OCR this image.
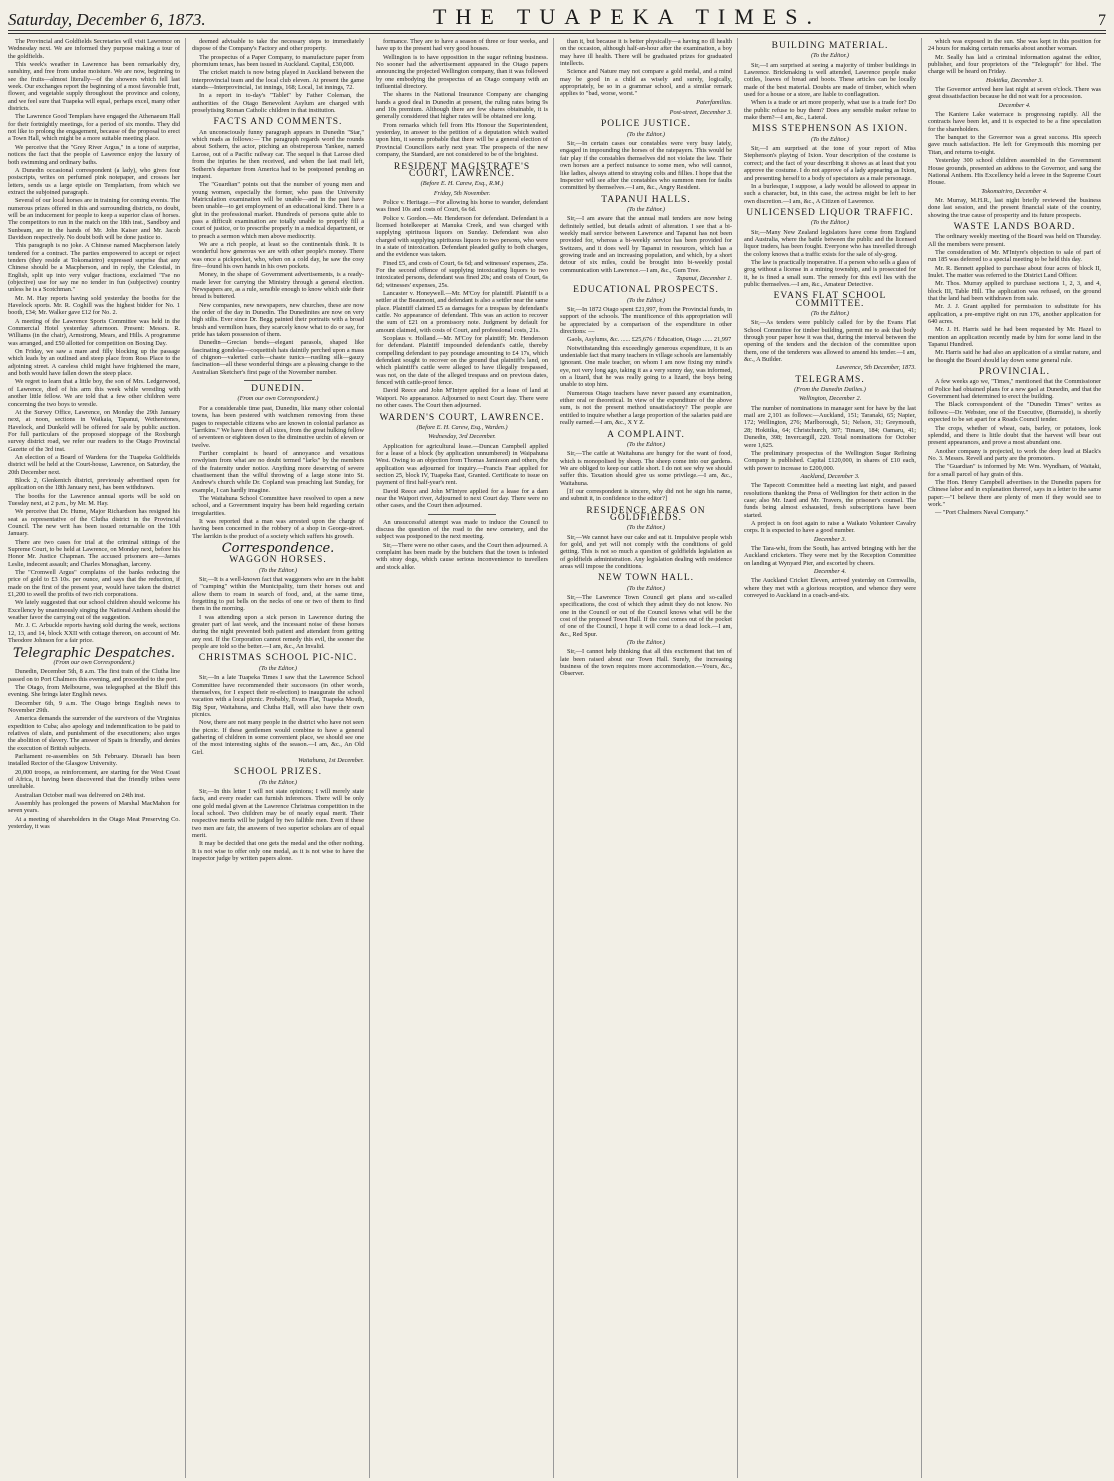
Saturday, December 6, 1873.	THE TUAPEKA TIMES.	7

The Provincial and Goldfields Secretaries will visit Lawrence on Wednesday next. We are informed they purpose making a tour of the goldfields.

This week's weather in Lawrence has been remarkably dry, sunshiny, and free from undue moisture. We are now, beginning to see the fruits—almost literally—of the showers which fell last week. Our exchanges report the beginning of a most favorable fruit, flower, and vegetable supply throughout the province and colony, and we feel sure that Tuapeka will equal, perhaps excel, many other districts.

The Lawrence Good Templars have engaged the Athenaeum Hall for their fortnightly meetings, for a period of six months. They did not like to prolong the engagement, because of the proposal to erect a Town Hall, which might be a more suitable meeting place.

We perceive that the "Grey River Argus," in a tone of surprise, notices the fact that the people of Lawrence enjoy the luxury of both swimming and ordinary baths.

A Dunedin occasional correspondent (a lady), who gives four postscripts, writes on perfumed pink notepaper, and crosses her letters, sends us a large epistle on Templarism, from which we extract the subjoined paragraph.

Several of our local horses are in training for coming events. The numerous prizes offered in this and surrounding districts, no doubt, will be an inducement for people to keep a superior class of horses. The competitors to run in the match on the 18th inst., Sandboy and Sunbeam, are in the hands of Mr. John Kaiser and Mr. Jacob Davidson respectively. No doubt both will be done justice to.

This paragraph is no joke. A Chinese named Macpherson lately tendered for a contract. The parties empowered to accept or reject tenders (they reside at Tokomairiro) expressed surprise that any Chinese should be a Macpherson, and in reply, the Celestial, in English, split up into very vulgar fractions, exclaimed "I'se no (objective) use for say me no tender in fun (subjective) country unless he is a Scotchman."

Mr. M. Hay reports having sold yesterday the booths for the Havelock sports. Mr. R. Coghill was the highest bidder for No. 1 booth, £34; Mr. Walker gave £12 for No. 2.

A meeting of the Lawrence Sports Committee was held in the Commercial Hotel yesterday afternoon. Present: Messrs. R. Williams (in the chair), Armstrong, Mears, and Hills. A programme was arranged, and £50 allotted for competition on Boxing Day.

On Friday, we saw a mare and filly blocking up the passage which leads by an outlined and steep place from Ross Place to the adjoining street. A careless child might have frightened the mare, and both would have fallen down the steep place.

We regret to learn that a little boy, the son of Mrs. Ledgerwood, of Lawrence, died of his arm this week while wrestling with another little fellow. We are told that a few other children were concerning the two boys to wrestle.

At the Survey Office, Lawrence, on Monday the 29th January next, at noon, sections in Waikaia, Tapanui, Wetherstones, Havelock, and Dunkeld will be offered for sale by public auction. For full particulars of the proposed stoppage of the Roxburgh survey district road, we refer our readers to the Otago Provincial Gazette of the 3rd inst.

An election of a Board of Wardens for the Tuapeka Goldfields district will be held at the Court-house, Lawrence, on Saturday, the 20th December next.

Block 2, Glenkenich district, previously advertised open for application on the 18th January next, has been withdrawn.

The booths for the Lawrence annual sports will be sold on Tuesday next, at 2 p.m., by Mr. M. Hay.

We perceive that Dr. Hume, Major Richardson has resigned his seat as representative of the Clutha district in the Provincial Council. The new writ has been issued returnable on the 10th January.

There are two cases for trial at the criminal sittings of the Supreme Court, to be held at Lawrence, on Monday next, before his Honor Mr. Justice Chapman. The accused prisoners are—James Leslie, indecent assault; and Charles Monaghan, larceny.

The "Cromwell Argus" complains of the banks reducing the price of gold to £3 10s. per ounce, and says that the reduction, if made on the first of the present year, would have taken the district £1,200 to swell the profits of two rich corporations.

We lately suggested that our school children should welcome his Excellency by unanimously singing the National Anthem should the weather favor the carrying out of the suggestion.

Mr. J. C. Arbuckle reports having sold during the week, sections 12, 13, and 14, block XXII with cottage thereon, on account of Mr. Theodore Johnson for a fair price.

Telegraphic Despatches.
(From our own Correspondent.)

Dunedin, December 5th, 8 a.m. The first train of the Clutha line passed on to Port Chalmers this evening, and proceeded to the port.

The Otago, from Melbourne, was telegraphed at the Bluff this evening. She brings later English news.

December 6th, 9 a.m. The Otago brings English news to November 29th.

America demands the surrender of the survivors of the Virginius expedition to Cuba; also apology and indemnification to be paid to relatives of slain, and punishment of the executioners; also urges the abolition of slavery. The answer of Spain is friendly, and denies the execution of British subjects.

Parliament re-assembles on 5th February. Disraeli has been installed Rector of the Glasgow University.

20,000 troops, as reinforcement, are starting for the West Coast of Africa, it having been discovered that the friendly tribes were unreliable.

Australian October mail was delivered on 24th inst.

Assembly has prolonged the powers of Marshal MacMahon for seven years.

At a meeting of shareholders in the Otago Meat Preserving Co. yesterday, it was

deemed advisable to take the necessary steps to immediately dispose of the Company's Factory and other property.

The prospectus of a Paper Company, to manufacture paper from phormium tenax, has been issued in Auckland. Capital, £30,000.

The cricket match is now being played in Auckland between the interprovincial team and the local club eleven. At present the game stands—Interprovincial, 1st innings, 168; Local, 1st innings, 72.

In a report in to-day's "Tablet" by Father Coleman, the authorities of the Otago Benevolent Asylum are charged with proselytising Roman Catholic children in that institution.

FACTS AND COMMENTS.

An unconsciously funny paragraph appears in Dunedin "Star," which reads as follows:— The paragraph regards word the rounds about Sothern, the actor, pitching an obstreperous Yankee, named Larose, out of a Pacific railway car. The sequel is that Larose died from the injuries he then received, and when the last mail left, Sothern's departure from America had to be postponed pending an inquest.

The "Guardian" points out that the number of young men and young women, especially the former, who pass the University Matriculation examination will be unable—and in the past have been unable—to get employment of an educational kind. There is a glut in the professional market. Hundreds of persons quite able to pass a difficult examination are totally unable to properly fill a court of justice, or to prescribe properly in a medical department, or to preach a sermon which men above mediocrity.

We are a rich people, at least so the continentals think. It is wonderful how generous we are with other people's money. There was once a pickpocket, who, when on a cold day, he saw the cosy fire—found his own hands in his own pockets.

Money, in the shape of Government advertisements, is a ready-made lever for carrying the Ministry through a general election. Newspapers are, as a rule, sensible enough to know which side their bread is buttered.

New companies, new newspapers, new churches, these are now the order of the day in Dunedin. The Dunedinites are now on very high stilts. Ever since Dr. Begg painted their portraits with a broad brush and vermilion hues, they scarcely know what to do or say, for pride has taken possession of them.

Dunedin—Grecian bends—elegant parasols, shaped like fascinating gondolas—coquettish hats daintily perched upon a mass of chignon—valerted curls—chaste tunics—rustling silk—gauzy fascination—all these wonderful things are a pleasing change to the Australian Sketcher's first page of the November number.

DUNEDIN.
(From our own Correspondent.)

For a considerable time past, Dunedin, like many other colonial towns, has been pestered with watchmen removing from these pages to respectable citizens who are known in colonial parlance as "larrikins." We have them of all sizes, from the great hulking fellow of seventeen or eighteen down to the diminutive urchin of eleven or twelve.

Further complaint is heard of annoyance and vexatious rowdyism from what are no doubt termed "larks" by the members of the fraternity under notice. Anything more deserving of severe chastisement than the wilful throwing of a large stone into St. Andrew's church while Dr. Copland was preaching last Sunday, for example, I can hardly imagine.

The Waitahuna School Committee have resolved to open a new school, and a Government inquiry has been held regarding certain irregularities.

It was reported that a man was arrested upon the charge of having been concerned in the robbery of a shop in George-street. The larrikin is the product of a society which suffers his growth.

Correspondence.
WAGGON HORSES.
(To the Editor.)

Sir,—It is a well-known fact that waggoners who are in the habit of "camping" within the Municipality, turn their horses out and allow them to roam in search of food, and, at the same time, forgetting to put bells on the necks of one or two of them to find them in the morning.

I was attending upon a sick person in Lawrence during the greater part of last week, and the incessant noise of these horses during the night prevented both patient and attendant from getting any rest. If the Corporation cannot remedy this evil, the sooner the people are told so the better.—I am, &c., An Invalid.

CHRISTMAS SCHOOL PIC-NIC.
(To the Editor.)

Sir,—In a late Tuapeka Times I saw that the Lawrence School Committee have recommended their successors (in other words, themselves, for I expect their re-election) to inaugurate the school vacation with a local picnic. Probably, Evans Flat, Tuapeka Mouth, Big Spur, Waitahuna, and Clutha Hall, will also have their own picnics.

Now, there are not many people in the district who have not seen the picnic. If these gentlemen would combine to have a general gathering of children in some convenient place, we should see one of the most interesting sights of the season.—I am, &c., An Old Girl.

Waitahuna, 1st December.
SCHOOL PRIZES.
(To the Editor.)

Sir,—In this letter I will not state opinions; I will merely state facts, and every reader can furnish inferences. There will be only one gold medal given at the Lawrence Christmas competition in the local school. Two children may be of nearly equal merit. Their respective merits will be judged by two fallible men. Even if these two men are fair, the answers of two superior scholars are of equal merit.

It may be decided that one gets the medal and the other nothing. It is not wise to offer only one medal, as it is not wise to have the inspector judge by written papers alone.

formance. They are to have a season of three or four weeks, and have up to the present had very good houses.

Wellington is to have opposition in the sugar refining business. No sooner had the advertisement appeared in the Otago papers announcing the projected Wellington company, than it was followed by one embodying the prospectus of an Otago company with an influential directory.

The shares in the National Insurance Company are changing hands a good deal in Dunedin at present, the ruling rates being 9s and 10s premium. Although there are few shares obtainable, it is generally considered that higher rates will be obtained ere long.

From remarks which fell from His Honour the Superintendent, yesterday, in answer to the petition of a deputation which waited upon him, it seems probable that there will be a general election of Provincial Councillors early next year. The prospects of the new company, the Standard, are not considered to be of the brightest.

RESIDENT MAGISTRATE'S COURT, LAWRENCE.
(Before E. H. Carew, Esq., R.M.)
Friday, 5th November.

Police v. Heritage.—For allowing his horse to wander, defendant was fined 10s and costs of Court, 6s 6d.

Police v. Gordon.—Mr. Henderson for defendant. Defendant is a licensed hotelkeeper at Manuka Creek, and was charged with supplying spirituous liquors on Sunday. Defendant was also charged with supplying spirituous liquors to two persons, who were in a state of intoxication. Defendant pleaded guilty to both charges, and the evidence was taken.

Fined £5, and costs of Court, 6s 6d; and witnesses' expenses, 25s. For the second offence of supplying intoxicating liquors to two intoxicated persons, defendant was fined 20s; and costs of Court, 6s 6d; witnesses' expenses, 25s.

Lancaster v. Honeywell.—Mr. M'Coy for plaintiff. Plaintiff is a settler at the Beaumont, and defendant is also a settler near the same place. Plaintiff claimed £5 as damages for a trespass by defendant's cattle. No appearance of defendant. This was an action to recover the sum of £21 on a promissory note. Judgment by default for amount claimed, with costs of Court, and professional costs, 21s.

Scoplaus v. Holland.—Mr. M'Coy for plaintiff; Mr. Henderson for defendant. Plaintiff impounded defendant's cattle, thereby compelling defendant to pay poundage amounting to £4 17s, which defendant sought to recover on the ground that plaintiff's land, on which plaintiff's cattle were alleged to have illegally trespassed, was not, on the date of the alleged trespass and on previous dates, fenced with cattle-proof fence.

David Reece and John M'Intyre applied for a lease of land at Waipori. No appearance. Adjourned to next Court day. There were no other cases. The Court then adjourned.

WARDEN'S COURT, LAWRENCE.
(Before E. H. Carew, Esq., Warden.)
Wednesday, 3rd December.

Application for agricultural lease.—Duncan Campbell applied for a lease of a block (by application unnumbered) in Waipahuna West. Owing to an objection from Thomas Jamieson and others, the application was adjourned for inquiry.—Francis Fear applied for section 25, block IV, Tuapeka East, Granted. Certificate to issue on payment of first half-year's rent.

David Reece and John M'Intyre applied for a lease for a dam near the Waipori river, Adjourned to next Court day. There were no other cases, and the Court then adjourned.

An unsuccessful attempt was made to induce the Council to discuss the question of the road to the new cemetery, and the subject was postponed to the next meeting.

Sir,—There were no other cases, and the Court then adjourned. A complaint has been made by the butchers that the town is infested with stray dogs, which cause serious inconvenience to travellers and stock alike.

than it, but because it is better physically—a having no ill health on the occasion, although half-an-hour after the examination, a boy may have ill health. There will be graduated prizes for graduated intellects.

Science and Nature may not compare a gold medal, and a mind may be good in a child as wisely and surely, logically, appropriately, be so in a grammar school, and a similar remark applies to "bad, worse, worst."

Paterfamilias.
Post-street, December 3.
POLICE JUSTICE.
(To the Editor.)

Sir,—In certain cases our constables were very busy lately, engaged in impounding the horses of the ratepayers. This would be fair play if the constables themselves did not violate the law. Their own horses are a perfect nuisance to some men, who will cannot, like ladies, always attend to straying colts and fillies. I hope that the Inspector will see after the constables who summon men for faults committed by themselves.—I am, &c., Angry Resident.

TAPANUI HALLS.
(To the Editor.)

Sir,—I am aware that the annual mail tenders are now being definitely settled, but details admit of alteration. I see that a bi-weekly mail service between Lawrence and Tapanui has not been provided for, whereas a bi-weekly service has been provided for Switzers, and it does well by Tapanui in resources, which has a growing trade and an increasing population, and which, by a short detour of six miles, could be brought into bi-weekly postal communication with Lawrence.—I am, &c., Gum Tree.

Tapanui, December 1.
EDUCATIONAL PROSPECTS.
(To the Editor.)

Sir,—In 1872 Otago spent £21,997, from the Provincial funds, in support of the schools. The munificence of this appropriation will be appreciated by a comparison of the expenditure in other directions: —

Gaols, Asylums, &c. ...... £25,676 / Education, Otago ...... 21,997

Notwithstanding this exceedingly generous expenditure, it is an undeniable fact that many teachers in village schools are lamentably ignorant. One male teacher, on whom I am now fixing my mind's eye, not very long ago, taking it as a very sunny day, was informed, on a lizard, that he was really going to a lizard, the boys being unable to stop him.

Numerous Otago teachers have never passed any examination, either oral or theoretical. In view of the expenditure of the above sum, is not the present method unsatisfactory? The people are entitled to inquire whether a large proportion of the salaries paid are really earned.—I am, &c., X Y Z.

A COMPLAINT.
(To the Editor.)

Sir,—The cattle at Waitahuna are hungry for the want of food, which is monopolised by sheep. The sheep come into our gardens. We are obliged to keep our cattle short. I do not see why we should suffer this. Taxation should give us some privilege.—I am, &c., Waitahuna.

[If our correspondent is sincere, why did not he sign his name, and submit it, in confidence to the editor?]

RESIDENCE AREAS ON GOLDFIELDS.
(To the Editor.)

Sir,—We cannot have our cake and eat it. Impulsive people wish for gold, and yet will not comply with the conditions of gold getting. This is not so much a question of goldfields legislation as of goldfields administration. Any legislation dealing with residence areas will impose the conditions.

NEW TOWN HALL.
(To the Editor.)

Sir,—The Lawrence Town Council get plans and so-called specifications, the cost of which they admit they do not know. No one in the Council or out of the Council knows what will be the cost of the proposed Town Hall. If the cost comes out of the pocket of one of the Council, I hope it will come to a dead lock.—I am, &c., Red Spur.

(To the Editor.)

Sir,—I cannot help thinking that all this excitement that ten of late been raised about our Town Hall. Surely, the increasing business of the town requires more accommodation.—Yours, &c., Observer.

BUILDING MATERIAL.
(To the Editor.)

Sir,—I am surprised at seeing a majority of timber buildings in Lawrence. Brickmaking is well attended, Lawrence people make cottles, loaves of bread and boots. These articles can be locally made of the best material. Doubts are made of timber, which when used for a house or a store, are liable to conflagration.

When is a trade or art more properly, what use is a trade for? Do the public refuse to buy them? Does any sensible maker refuse to make them?—I am, &c., Lateral.

MISS STEPHENSON AS IXION.
(To the Editor.)

Sir,—I am surprised at the tone of your report of Miss Stephenson's playing of Ixion. Your description of the costume is correct; and the fact of your describing it shows as at least that you approve the costume. I do not approve of a lady appearing as Ixion, and presenting herself to a body of spectators as a male personage.

In a burlesque, I suppose, a lady would be allowed to appear in such a character, but, in this case, the actress might be left to her own discretion.—I am, &c., A Citizen of Lawrence.

UNLICENSED LIQUOR TRAFFIC.
(To the Editor.)

Sir,—Many New Zealand legislators have come from England and Australia, where the battle between the public and the licensed liquor traders, has been fought. Everyone who has travelled through the colony knows that a traffic exists for the sale of sly-grog.

The law is practically inoperative. If a person who sells a glass of grog without a license in a mining township, and is prosecuted for it, he is fined a small sum. The remedy for this evil lies with the public themselves.—I am, &c., Amateur Detective.

EVANS FLAT SCHOOL COMMITTEE.
(To the Editor.)

Sir,—As tenders were publicly called for by the Evans Flat School Committee for timber building, permit me to ask that body through your paper how it was that, during the interval between the opening of the tenders and the decision of the committee upon them, one of the tenderers was allowed to amend his tender.—I am, &c., A Builder.

Lawrence, 5th December, 1873.
TELEGRAMS.
(From the Dunedin Dailies.)
Wellington, December 2.

The number of nominations in manager sent for have by the last mail are 2,101 as follows:—Auckland, 151; Taranaki, 65; Napier, 172; Wellington, 276; Marlborough, 51; Nelson, 31; Greymouth, 28; Hokitika, 64; Christchurch, 307; Timaru, 184; Oamaru, 41; Dunedin, 398; Invercargill, 220. Total nominations for October were 1,625.

The preliminary prospectus of the Wellington Sugar Refining Company is published. Capital £120,000, in shares of £10 each, with power to increase to £200,000.

Auckland, December 3.

The Tapecott Committee held a meeting last night, and passed resolutions thanking the Press of Wellington for their action in the case; also Mr. Izard and Mr. Travers, the prisoner's counsel. The funds being almost exhausted, fresh subscriptions have been started.

A project is on foot again to raise a Waikato Volunteer Cavalry corps. It is expected to have a good number.

December 3.

The Tara-whi, from the South, has arrived bringing with her the Auckland cricketers. They were met by the Reception Committee on landing at Wynyard Pier, and escorted by cheers.

December 4.

The Auckland Cricket Eleven, arrived yesterday on Cornwallis, where they met with a glorious reception, and whence they were conveyed to Auckland in a coach-and-six.

which was exposed in the sun. She was kept in this position for 24 hours for making certain remarks about another woman.

Mr. Seally has laid a criminal information against the editor, publisher, and four proprietors of the "Telegraph" for libel. The charge will be heard on Friday.

Hokitika, December 3.

The Governor arrived here last night at seven o'clock. There was great dissatisfaction because he did not wait for a procession.

December 4.

The Kaniere Lake waterrace is progressing rapidly. All the contracts have been let, and it is expected to be a fine speculation for the shareholders.

The banquet to the Governor was a great success. His speech gave much satisfaction. He left for Greymouth this morning per Titan, and returns to-night.

Yesterday 300 school children assembled in the Government House grounds, presented an address to the Governor, and sang the National Anthem. His Excellency held a levee in the Supreme Court House.

Tokomairiro, December 4.

Mr. Murray, M.H.R., last night briefly reviewed the business done last session, and the present financial state of the country, showing the true cause of prosperity and its future prospects.

WASTE LANDS BOARD.

The ordinary weekly meeting of the Board was held on Thursday. All the members were present.

The consideration of Mr. M'Intyre's objection to sale of part of run 185 was deferred to a special meeting to be held this day.

Mr. R. Bennett applied to purchase about four acres of block II, Inulet. The matter was referred to the District Land Officer.

Mr. Thos. Murray applied to purchase sections 1, 2, 3, and 4, block III, Table Hill. The application was refused, on the ground that the land had been withdrawn from sale.

Mr. J. J. Grant applied for permission to substitute for his application, a pre-emptive right on run 176, another application for 640 acres.

Mr. J. H. Harris said he had been requested by Mr. Hazel to mention an application recently made by him for some land in the Tapanui Hundred.

Mr. Harris said he had also an application of a similar nature, and he thought the Board should lay down some general rule.

PROVINCIAL.

A few weeks ago we, "Times," mentioned that the Commissioner of Police had obtained plans for a new gaol at Dunedin, and that the Government had determined to erect the building.

The Black correspondent of the "Dunedin Times" writes as follows:—Dr. Webster, one of the Executive, (Burnside), is shortly expected to be set apart for a Roads Council tender.

The crops, whether of wheat, oats, barley, or potatoes, look splendid, and there is little doubt that the harvest will bear out present appearances, and prove a most abundant one.

Another company is projected, to work the deep lead at Black's No. 3. Messrs. Revell and party are the promoters.

The "Guardian" is informed by Mr. Wm. Wyndham, of Waitaki, for a small parcel of hay grain of this.

The Hon. Henry Campbell advertises in the Dunedin papers for Chinese labor and in explanation thereof, says in a letter to the same paper:—"I believe there are plenty of men if they would see to work."

— "Port Chalmers Naval Company."
